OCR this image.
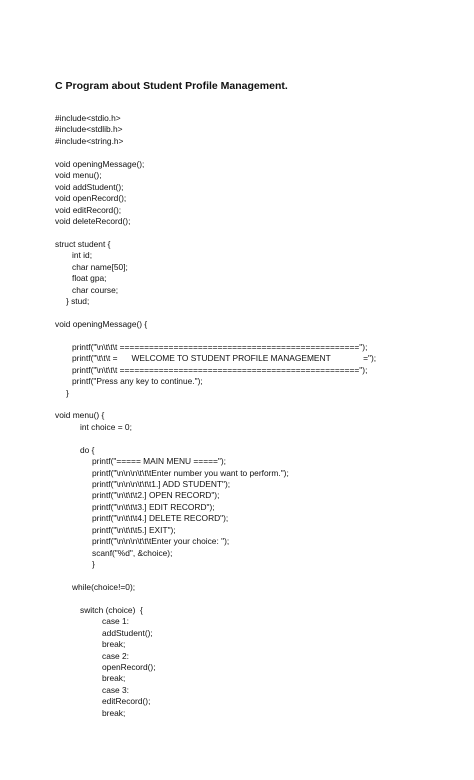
C Program about Student Profile Management.
#include<stdio.h>
#include<stdlib.h>
#include<string.h>
void openingMessage();
void menu();
void addStudent();
void openRecord();
void editRecord();
void deleteRecord();
struct student {
int id;
char name[50];
float gpa;
char course;
} stud;
void openingMessage() {
printf("\n\t\t\t =================================================");
printf("\t\t\t =      WELCOME TO STUDENT PROFILE MANAGEMENT              =");
printf("\n\t\t\t =================================================");
printf("Press any key to continue.");
}
void menu() {
int choice = 0;
do {
printf("===== MAIN MENU =====");
printf("\n\n\n\t\t\tEnter number you want to perform.");
printf("\n\n\n\t\t\t1.] ADD STUDENT");
printf("\n\t\t\t2.] OPEN RECORD");
printf("\n\t\t\t3.] EDIT RECORD");
printf("\n\t\t\t4.] DELETE RECORD");
printf("\n\t\t\t5.] EXIT");
printf("\n\n\n\t\t\tEnter your choice: ");
scanf("%d", &choice);
}
while(choice!=0);
switch (choice)  {
case 1:
addStudent();
break;
case 2:
openRecord();
break;
case 3:
editRecord();
break;
